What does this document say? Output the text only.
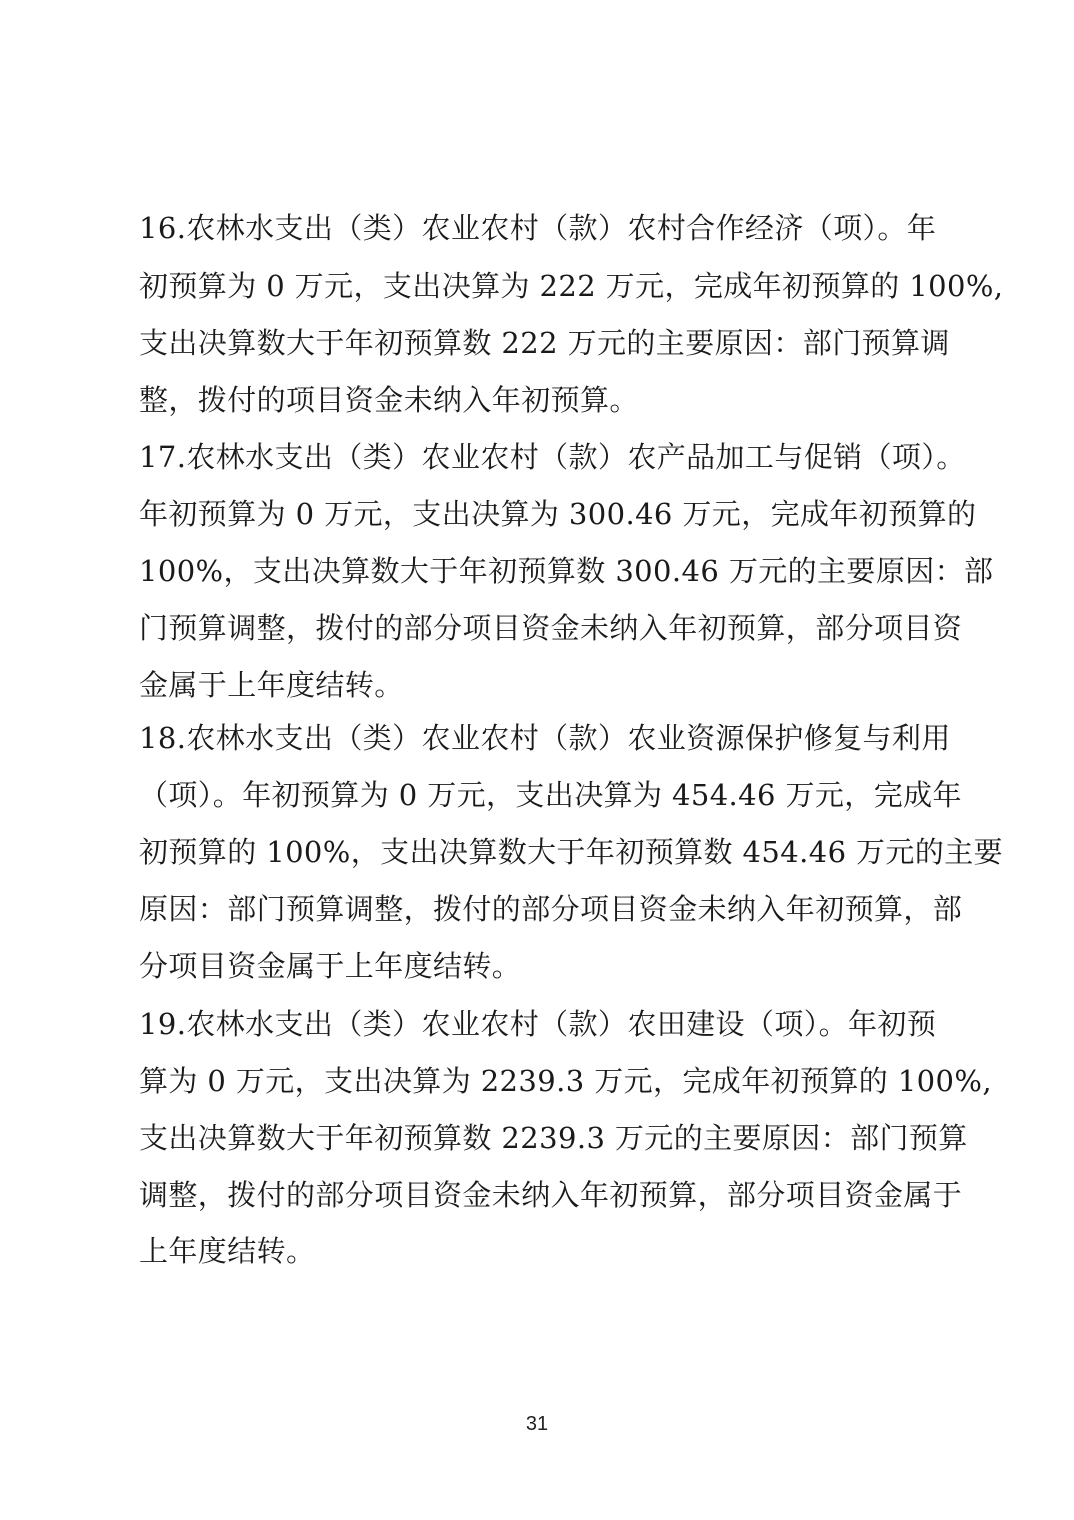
16.农林水支出（类）农业农村（款）农村合作经济（项）。年
初预算为 0 万元，支出决算为 222 万元，完成年初预算的 100%,
支出决算数大于年初预算数 222 万元的主要原因：部门预算调
整，拨付的项目资金未纳入年初预算。
17.农林水支出（类）农业农村（款）农产品加工与促销（项）。
年初预算为 0 万元，支出决算为 300.46 万元，完成年初预算的
100%，支出决算数大于年初预算数 300.46 万元的主要原因：部
门预算调整，拨付的部分项目资金未纳入年初预算，部分项目资
金属于上年度结转。
18.农林水支出（类）农业农村（款）农业资源保护修复与利用
（项）。年初预算为 0 万元，支出决算为 454.46 万元，完成年
初预算的 100%，支出决算数大于年初预算数 454.46 万元的主要
原因：部门预算调整，拨付的部分项目资金未纳入年初预算，部
分项目资金属于上年度结转。
19.农林水支出（类）农业农村（款）农田建设（项）。年初预
算为 0 万元，支出决算为 2239.3 万元，完成年初预算的 100%,
支出决算数大于年初预算数 2239.3 万元的主要原因：部门预算
调整，拨付的部分项目资金未纳入年初预算，部分项目资金属于
上年度结转。
31
